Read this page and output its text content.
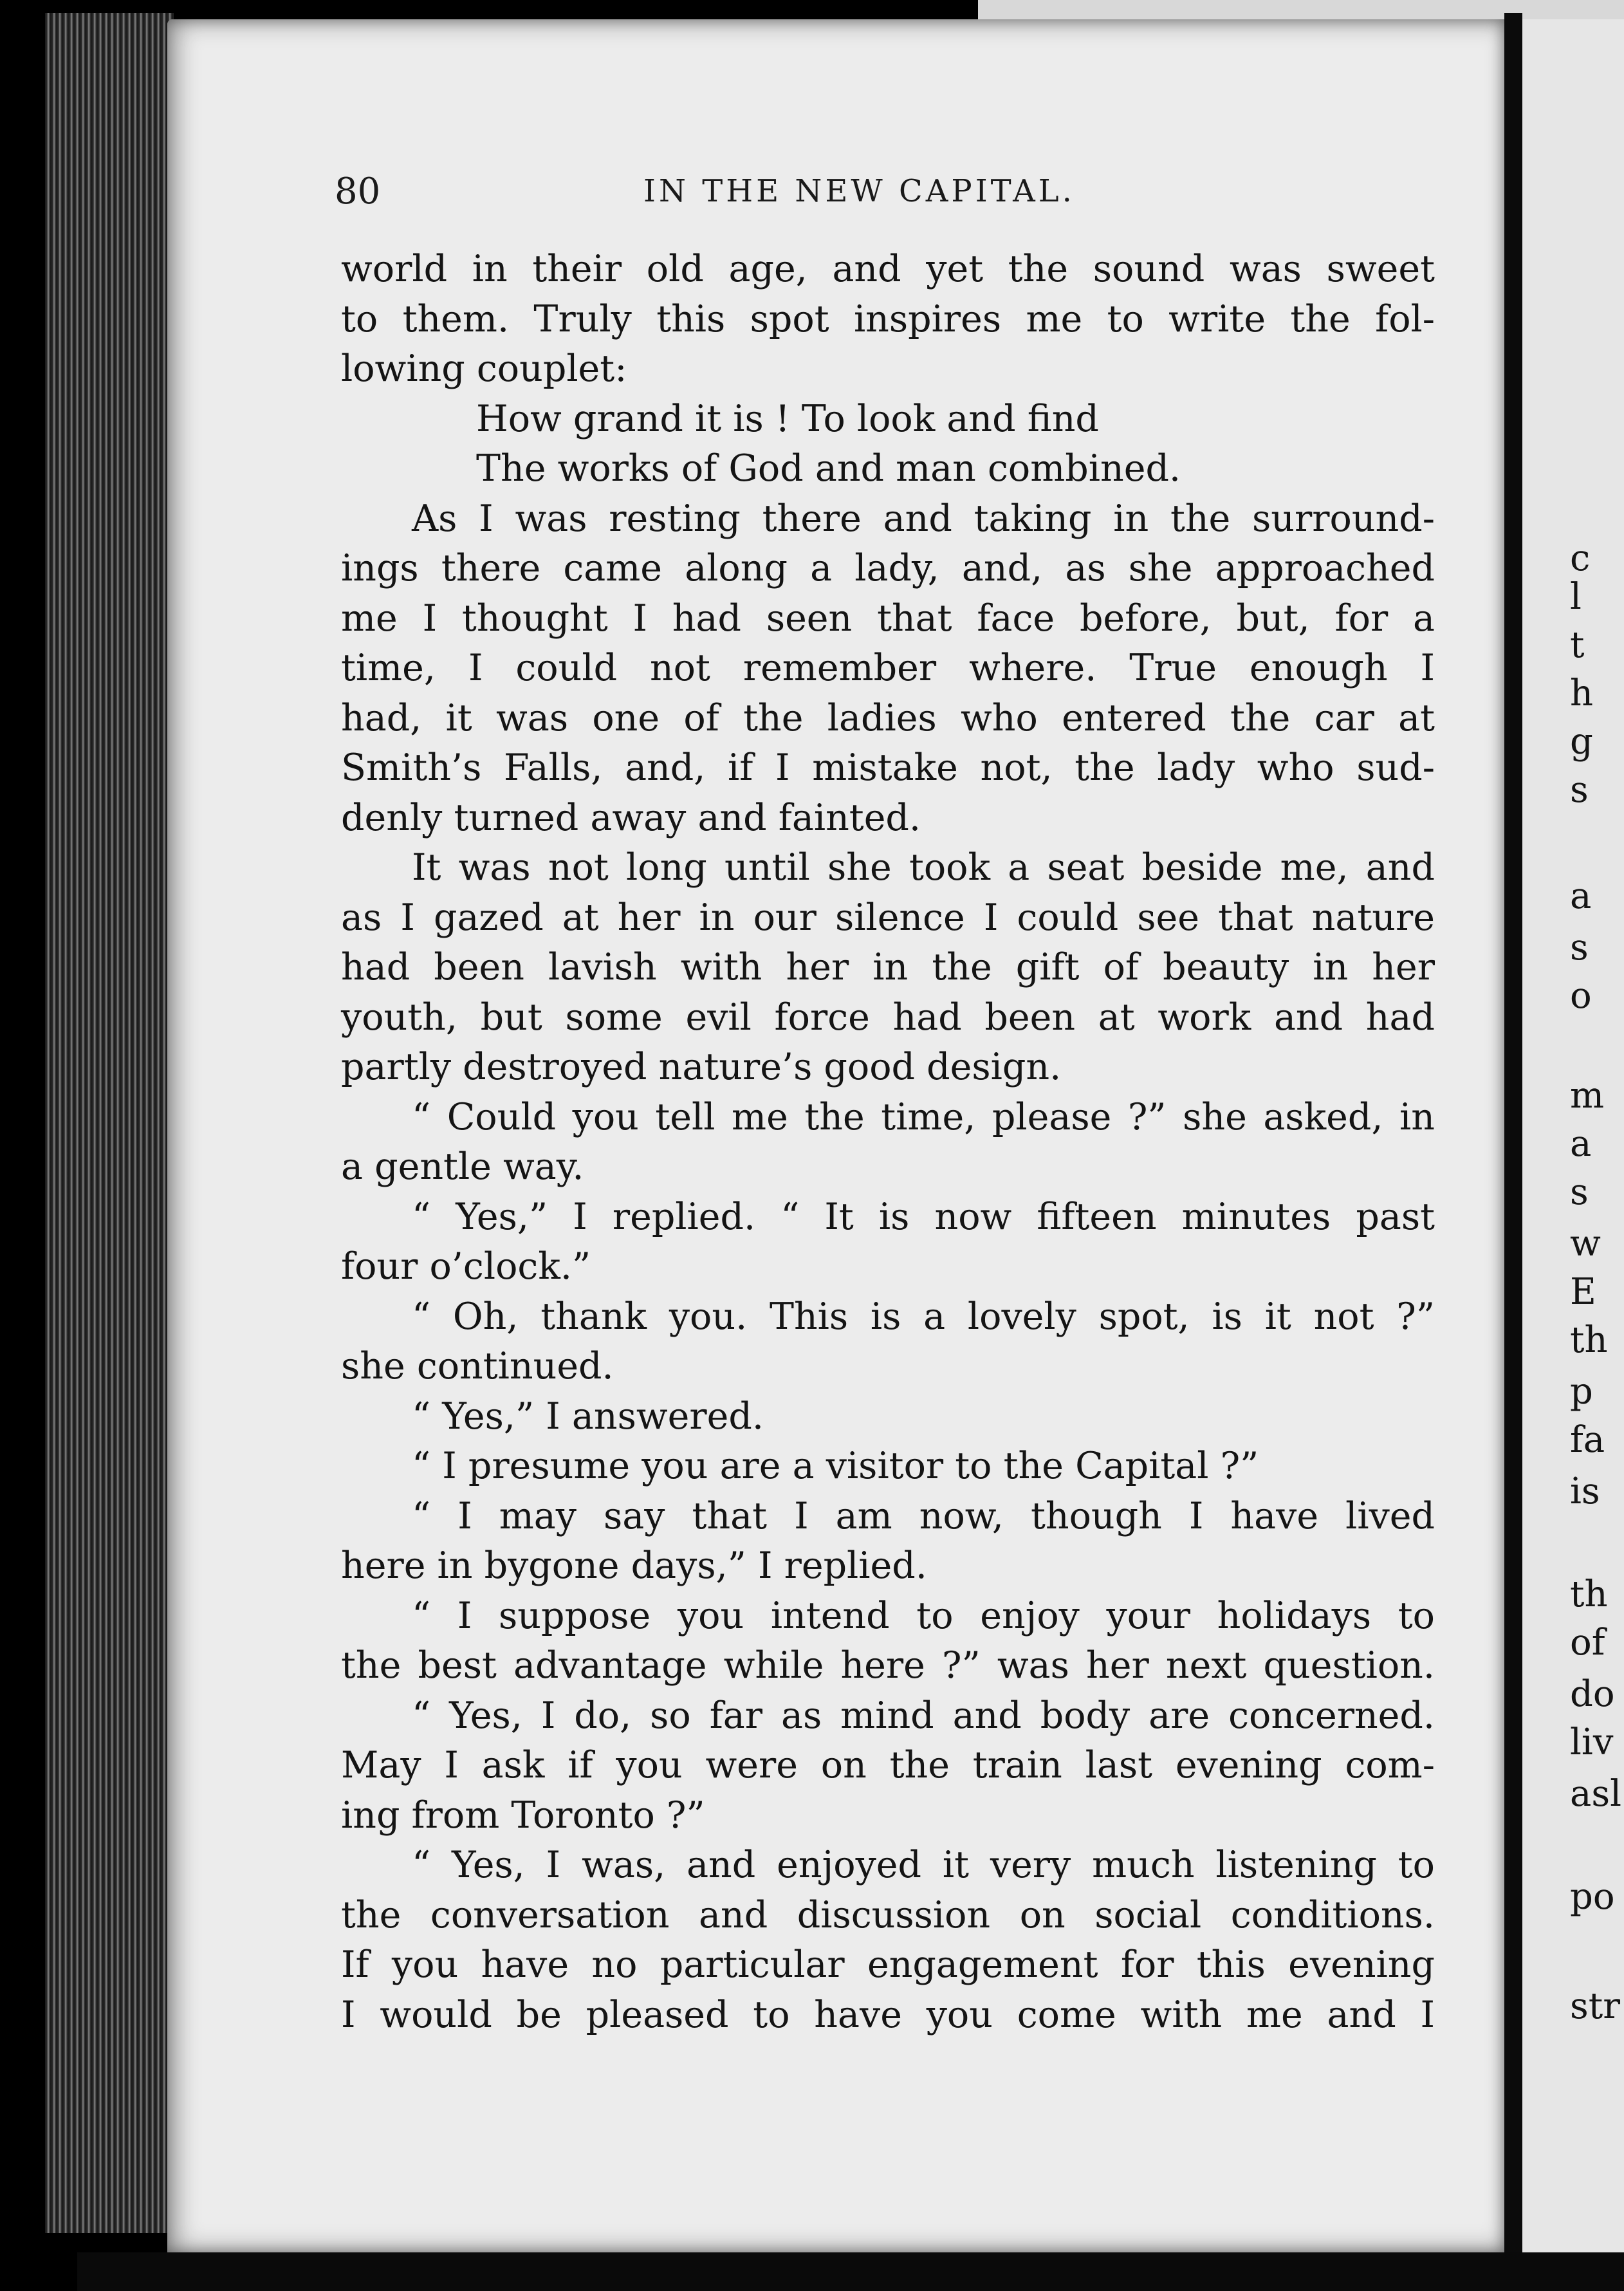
80	IN THE NEW CAPITAL.
world in their old age, and yet the sound was sweet
to them. Truly this spot inspires me to write the fol-
lowing couplet:
How grand it is ! To look and find
The works of God and man combined.
As I was resting there and taking in the surround-
ings there came along a lady, and, as she approached
me I thought I had seen that face before, but, for a
time, I could not remember where. True enough I
had, it was one of the ladies who entered the car at
Smith’s Falls, and, if I mistake not, the lady who sud-
denly turned away and fainted.
It was not long until she took a seat beside me, and
as I gazed at her in our silence I could see that nature
had been lavish with her in the gift of beauty in her
youth, but some evil force had been at work and had
partly destroyed nature’s good design.
“ Could you tell me the time, please ?” she asked, in
a gentle way.
“ Yes,” I replied. “ It is now fifteen minutes past
four o’clock.”
“ Oh, thank you. This is a lovely spot, is it not ?”
she continued.
“ Yes,” I answered.
“ I presume you are a visitor to the Capital ?”
“ I may say that I am now, though I have lived
here in bygone days,” I replied.
“ I suppose you intend to enjoy your holidays to
the best advantage while here ?” was her next question.
“ Yes, I do, so far as mind and body are concerned.
May I ask if you were on the train last evening com-
ing from Toronto ?”
“ Yes, I was, and enjoyed it very much listening to
the conversation and discussion on social conditions.
If you have no particular engagement for this evening
I would be pleased to have you come with me and I
c
l
t
h
g
s
a
s
o
m
a
s
w
E
th
p
fa
is
th
of
do
liv
asl
po
str
